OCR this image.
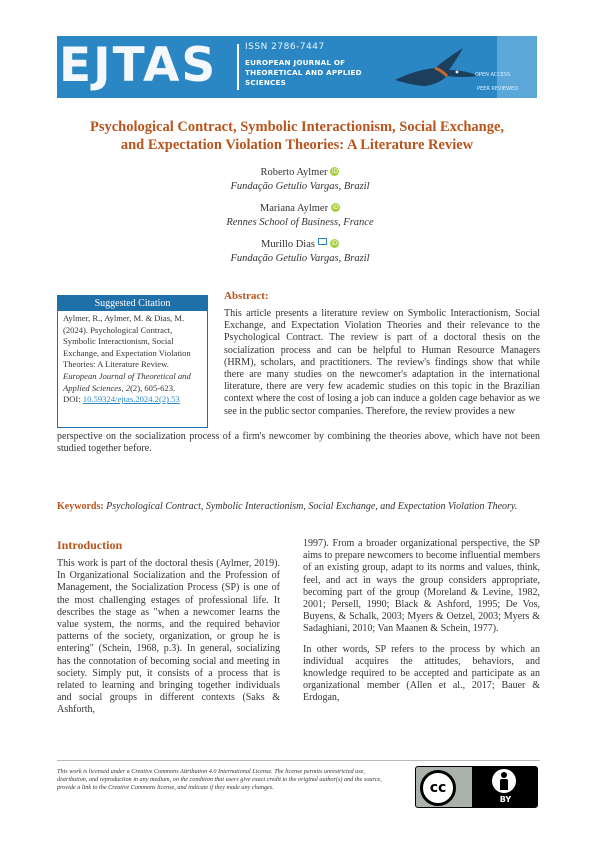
EJTAS	ISSN 2786-7447
EUROPEAN JOURNAL OF
THEORETICAL AND APPLIED SCIENCES
OPEN ACCESS
PEER REVIEWED
Psychological Contract, Symbolic Interactionism, Social Exchange,
and Expectation Violation Theories: A Literature Review
Roberto Aylmer iD
Fundação Getulio Vargas, Brazil
Mariana Aylmer iD
Rennes School of Business, France
Murillo Dias	iD
Fundação Getulio Vargas, Brazil
Suggested Citation
Aylmer, R., Aylmer, M. & Dias, M. (2024). Psychological Contract, Symbolic Interactionism, Social Exchange, and Expectation Violation Theories: A Literature Review. European Journal of Theoretical and Applied Sciences, 2(2), 605-623.
DOI: 10.59324/ejtas.2024.2(2).53
Abstract:
This article presents a literature review on Symbolic Interactionism, Social Exchange, and Expectation Violation Theories and their relevance to the Psychological Contract. The review is part of a doctoral thesis on the socialization process and can be helpful to Human Resource Managers (HRM), scholars, and practitioners. The review's findings show that while there are many studies on the newcomer's adaptation in the international literature, there are very few academic studies on this topic in the Brazilian context where the cost of losing a job can induce a golden cage behavior as we see in the public sector companies. Therefore, the review provides a new
perspective on the socialization process of a firm's newcomer by combining the theories above, which have not been studied together before.
Keywords: Psychological Contract, Symbolic Interactionism, Social Exchange, and Expectation Violation Theory.
Introduction
This work is part of the doctoral thesis (Aylmer, 2019). In Organizational Socialization and the Profession of Management, the Socialization Process (SP) is one of the most challenging estages of professional life. It describes the stage as "when a newcomer learns the value system, the norms, and the required behavior patterns of the society, organization, or group he is entering" (Schein, 1968, p.3). In general, socializing has the connotation of becoming social and meeting in society. Simply put, it consists of a process that is related to learning and bringing together individuals and social groups in different contexts (Saks & Ashforth,

1997). From a broader organizational perspective, the SP aims to prepare newcomers to become influential members of an existing group, adapt to its norms and values, think, feel, and act in ways the group considers appropriate, becoming part of the group (Moreland & Levine, 1982, 2001; Persell, 1990; Black & Ashford, 1995; De Vos, Buyens, & Schalk, 2003; Myers & Oetzel, 2003; Myers & Sadaghiani, 2010; Van Maanen & Schein, 1977).

In other words, SP refers to the process by which an individual acquires the attitudes, behaviors, and knowledge required to be accepted and participate as an organizational member (Allen et al., 2017; Bauer & Erdogan,

This work is licensed under a Creative Commons Attribution 4.0 International License. The license permits unrestricted use, distribution, and reproduction in any medium, on the condition that users give exact credit to the original author(s) and the source, provide a link to the Creative Commons license, and indicate if they made any changes.	cc
BY
